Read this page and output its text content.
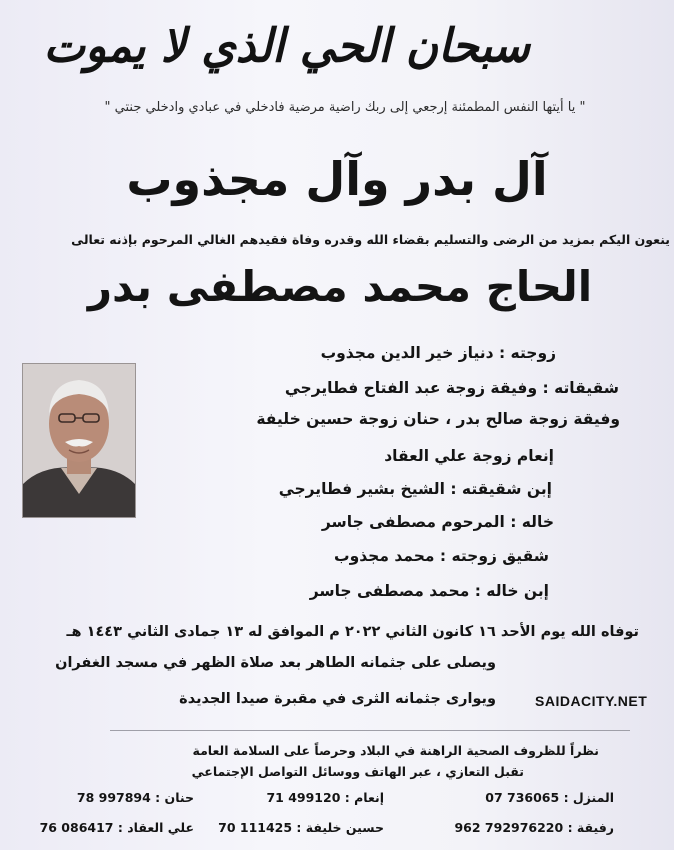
سبحان الحي الذي لا يموت
" يا أيتها النفس المطمئنة إرجعي إلى ربك راضية مرضية فادخلي في عبادي وادخلي جنتي "
آل بدر وآل مجذوب
ينعون اليكم بمزيد من الرضى والتسليم بقضاء الله وقدره وفاة فقيدهم الغالي المرحوم بإذنه تعالى
الحاج محمد مصطفى بدر
زوجته : دنياز خير الدين مجذوب
شقيقاته : وفيقة زوجة عبد الفتاح فطايرجي
وفيقة زوجة صالح بدر ، حنان زوجة حسين خليفة
إنعام زوجة علي العقاد
إبن شقيقته : الشيخ بشير فطايرجي
خاله : المرحوم مصطفى جاسر
شقيق زوجته : محمد مجذوب
إبن خاله : محمد مصطفى جاسر
توفاه الله يوم الأحد ١٦ كانون الثاني ٢٠٢٢ م الموافق له ١٣ جمادى الثاني ١٤٤٣ هـ
ويصلى على جثمانه الطاهر بعد صلاة الظهر في مسجد الغفران
ويوارى جثمانه الثرى في مقبرة صيدا الجديدة	SAIDACITY.NET
نظراً للظروف الصحية الراهنة في البلاد وحرصاً على السلامة العامة
تقبل التعازي ، عبر الهاتف ووسائل التواصل الإجتماعي
المنزل : 07 736065
إنعام : 71 499120
حنان : 78 997894
رفيقة : 962 792976220
حسين خليفة : 70 111425
علي العقاد : 76 086417
